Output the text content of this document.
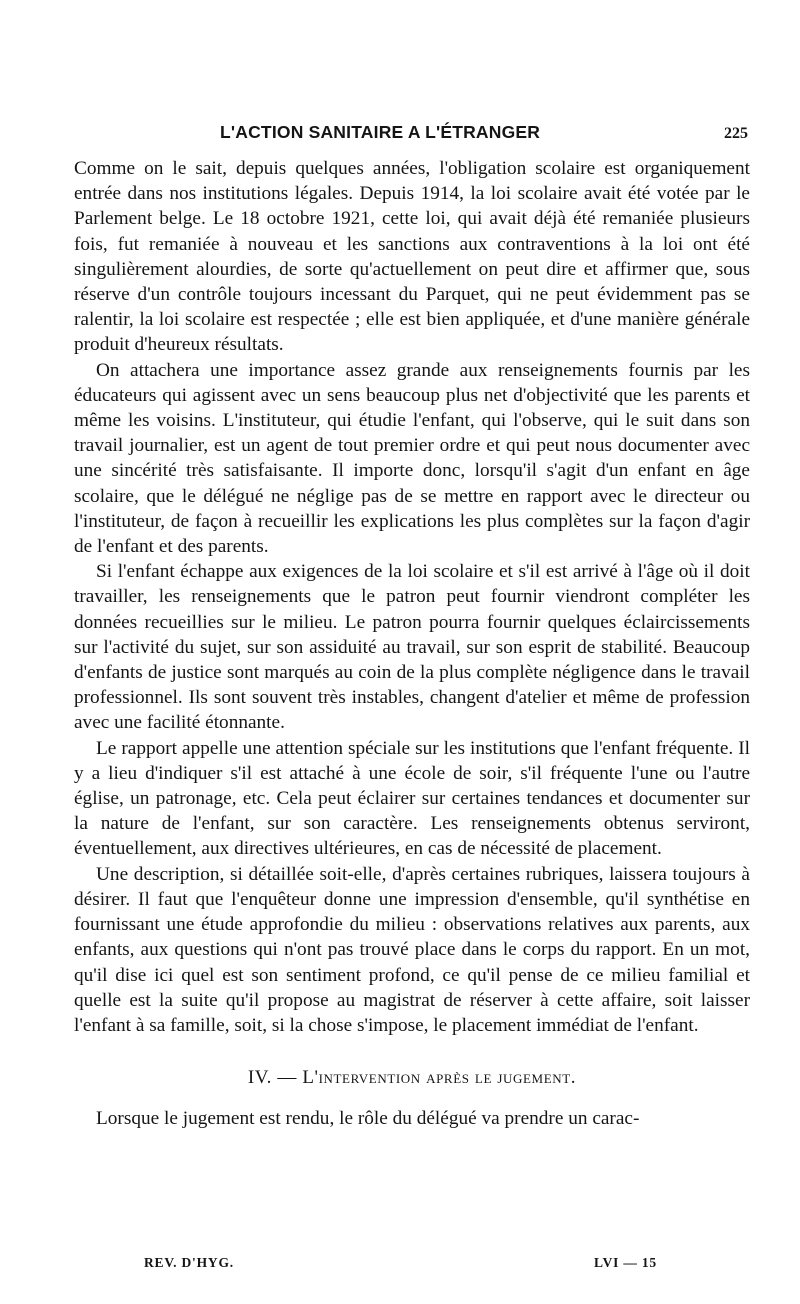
L'ACTION SANITAIRE A L'ÉTRANGER	225

Comme on le sait, depuis quelques années, l'obligation scolaire est organiquement entrée dans nos institutions légales. Depuis 1914, la loi scolaire avait été votée par le Parlement belge. Le 18 octobre 1921, cette loi, qui avait déjà été remaniée plusieurs fois, fut remaniée à nouveau et les sanctions aux contraventions à la loi ont été singulièrement alourdies, de sorte qu'actuellement on peut dire et affirmer que, sous réserve d'un contrôle toujours incessant du Parquet, qui ne peut évidemment pas se ralentir, la loi scolaire est respectée ; elle est bien appliquée, et d'une manière générale produit d'heureux résultats.

On attachera une importance assez grande aux renseignements fournis par les éducateurs qui agissent avec un sens beaucoup plus net d'objectivité que les parents et même les voisins. L'instituteur, qui étudie l'enfant, qui l'observe, qui le suit dans son travail journalier, est un agent de tout premier ordre et qui peut nous documenter avec une sincérité très satisfaisante. Il importe donc, lorsqu'il s'agit d'un enfant en âge scolaire, que le délégué ne néglige pas de se mettre en rapport avec le directeur ou l'instituteur, de façon à recueillir les explications les plus complètes sur la façon d'agir de l'enfant et des parents.

Si l'enfant échappe aux exigences de la loi scolaire et s'il est arrivé à l'âge où il doit travailler, les renseignements que le patron peut fournir viendront compléter les données recueillies sur le milieu. Le patron pourra fournir quelques éclaircissements sur l'activité du sujet, sur son assiduité au travail, sur son esprit de stabilité. Beaucoup d'enfants de justice sont marqués au coin de la plus complète négligence dans le travail professionnel. Ils sont souvent très instables, changent d'atelier et même de profession avec une facilité étonnante.

Le rapport appelle une attention spéciale sur les institutions que l'enfant fréquente. Il y a lieu d'indiquer s'il est attaché à une école de soir, s'il fréquente l'une ou l'autre église, un patronage, etc. Cela peut éclairer sur certaines tendances et documenter sur la nature de l'enfant, sur son caractère. Les renseignements obtenus serviront, éventuellement, aux directives ultérieures, en cas de nécessité de placement.

Une description, si détaillée soit-elle, d'après certaines rubriques, laissera toujours à désirer. Il faut que l'enquêteur donne une impression d'ensemble, qu'il synthétise en fournissant une étude approfondie du milieu : observations relatives aux parents, aux enfants, aux questions qui n'ont pas trouvé place dans le corps du rapport. En un mot, qu'il dise ici quel est son sentiment profond, ce qu'il pense de ce milieu familial et quelle est la suite qu'il propose au magistrat de réserver à cette affaire, soit laisser l'enfant à sa famille, soit, si la chose s'impose, le placement immédiat de l'enfant.

IV. — L'intervention après le jugement.

Lorsque le jugement est rendu, le rôle du délégué va prendre un carac-

REV. D'HYG.	LVI — 15
